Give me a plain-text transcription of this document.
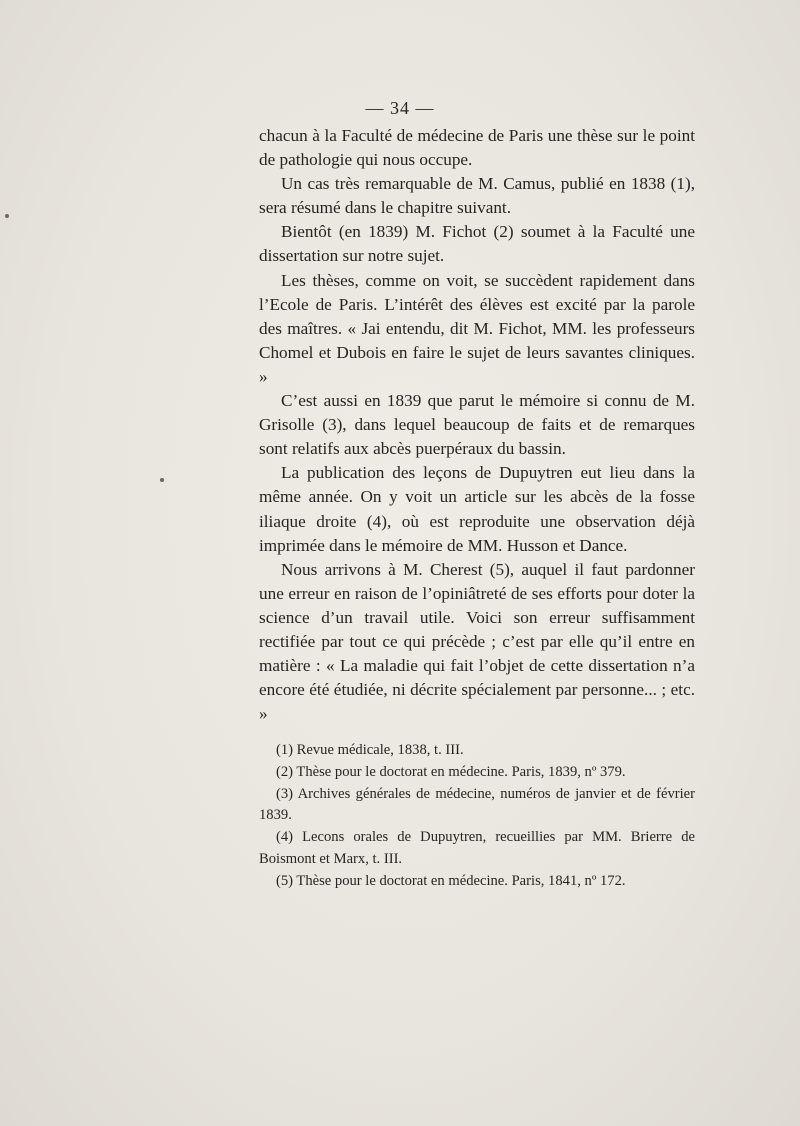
— 34 —

chacun à la Faculté de médecine de Paris une thèse sur le point de pathologie qui nous occupe.

Un cas très remarquable de M. Camus, publié en 1838 (1), sera résumé dans le chapitre suivant.

Bientôt (en 1839) M. Fichot (2) soumet à la Faculté une dissertation sur notre sujet.

Les thèses, comme on voit, se succèdent rapidement dans l’Ecole de Paris. L’intérêt des élèves est excité par la parole des maîtres. « Jai entendu, dit M. Fichot, MM. les professeurs Chomel et Dubois en faire le sujet de leurs savantes cliniques. »

C’est aussi en 1839 que parut le mémoire si connu de M. Grisolle (3), dans lequel beaucoup de faits et de remarques sont relatifs aux abcès puerpéraux du bassin.

La publication des leçons de Dupuytren eut lieu dans la même année. On y voit un article sur les abcès de la fosse iliaque droite (4), où est reproduite une observation déjà imprimée dans le mémoire de MM. Husson et Dance.

Nous arrivons à M. Cherest (5), auquel il faut pardonner une erreur en raison de l’opiniâtreté de ses efforts pour doter la science d’un travail utile. Voici son erreur suffisamment rectifiée par tout ce qui précède ; c’est par elle qu’il entre en matière : « La maladie qui fait l’objet de cette dissertation n’a encore été étudiée, ni décrite spécialement par personne... ; etc. »

(1) Revue médicale, 1838, t. III.

(2) Thèse pour le doctorat en médecine. Paris, 1839, nº 379.

(3) Archives générales de médecine, numéros de janvier et de février 1839.

(4) Lecons orales de Dupuytren, recueillies par MM. Brierre de Boismont et Marx, t. III.

(5) Thèse pour le doctorat en médecine. Paris, 1841, nº 172.
